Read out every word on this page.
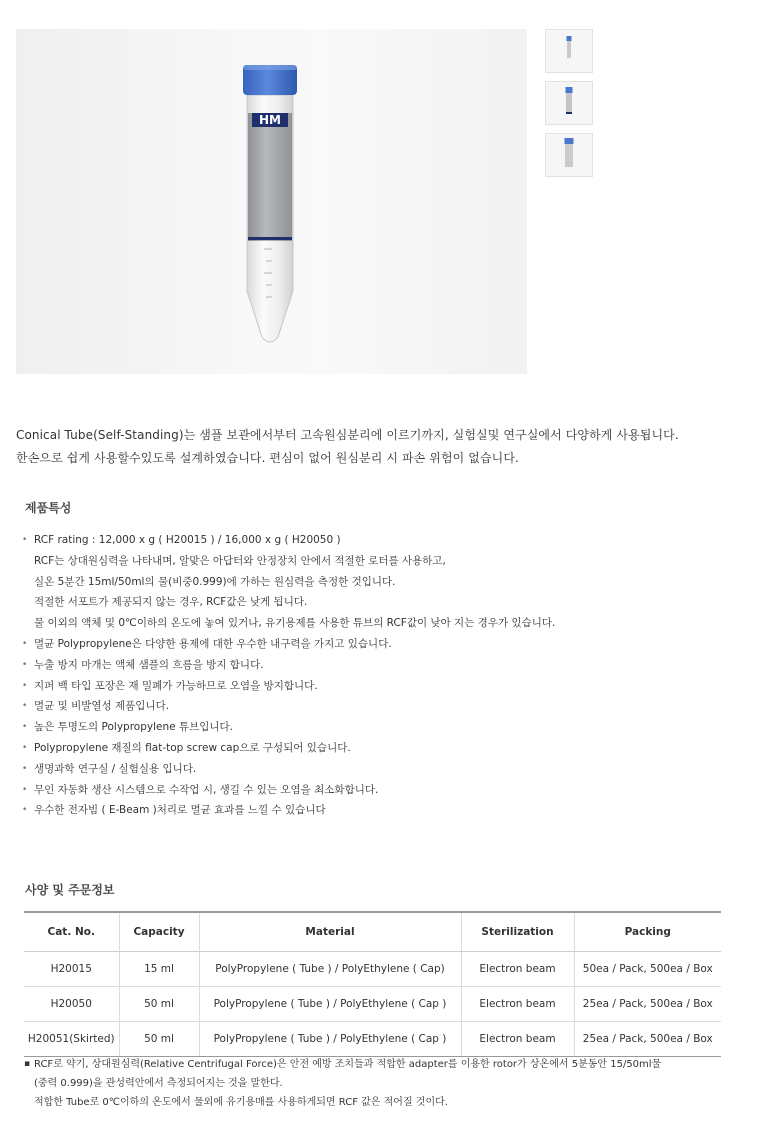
HM

Conical Tube(Self-Standing)는 샘플 보관에서부터 고속원심분리에 이르기까지, 실험실및 연구실에서 다양하게 사용됩니다.

한손으로 쉽게 사용할수있도록 설계하였습니다. 편심이 없어 원심분리 시 파손 위험이 없습니다.

제품특성
• RCF rating : 12,000 x g ( H20015 ) / 16,000 x g ( H20050 )
RCF는 상대원심력을 나타내며, 알맞은 아답터와 안정장치 안에서 적절한 로터를 사용하고,
실온 5분간 15ml/50ml의 물(비중0.999)에 가하는 원심력을 측정한 것입니다.
적절한 서포트가 제공되지 않는 경우, RCF값은 낮게 됩니다.
물 이외의 액체 및 0℃이하의 온도에 놓여 있거나, 유기용제를 사용한 튜브의 RCF값이 낮아 지는 경우가 있습니다.
• 멸균 Polypropylene은 다양한 용제에 대한 우수한 내구력을 가지고 있습니다.
• 누출 방지 마개는 액체 샘플의 흐름을 방지 합니다.
• 지퍼 백 타입 포장은 재 밀폐가 가능하므로 오염을 방지합니다.
• 멸균 및 비발열성 제품입니다.
• 높은 투명도의 Polypropylene 튜브입니다.
• Polypropylene 재질의 flat-top screw cap으로 구성되어 있습니다.
• 생명과학 연구실 / 실험실용 입니다.
• 무인 자동화 생산 시스템으로 수작업 시, 생길 수 있는 오염을 최소화합니다.
• 우수한 전자빔 ( E-Beam )처리로 멸균 효과를 느낄 수 있습니다
사양 및 주문정보
Cat. No.	Capacity	Material	Sterilization	Packing
H20015	15 ml	PolyPropylene ( Tube ) / PolyEthylene ( Cap)	Electron beam	50ea / Pack, 500ea / Box
H20050	50 ml	PolyPropylene ( Tube ) / PolyEthylene ( Cap )	Electron beam	25ea / Pack, 500ea / Box
H20051(Skirted)	50 ml	PolyPropylene ( Tube ) / PolyEthylene ( Cap )	Electron beam	25ea / Pack, 500ea / Box
▪ RCF로 약기, 상대원심력(Relative Centrifugal Force)은 안전 예방 조치들과 적합한 adapter를 이용한 rotor가 상온에서 5분동안 15/50ml물
(중력 0.999)을 관성력안에서 측정되어지는 것을 말한다.
적합한 Tube로 0℃이하의 온도에서 물외에 유기용매를 사용하게되면 RCF 값은 적어질 것이다.
